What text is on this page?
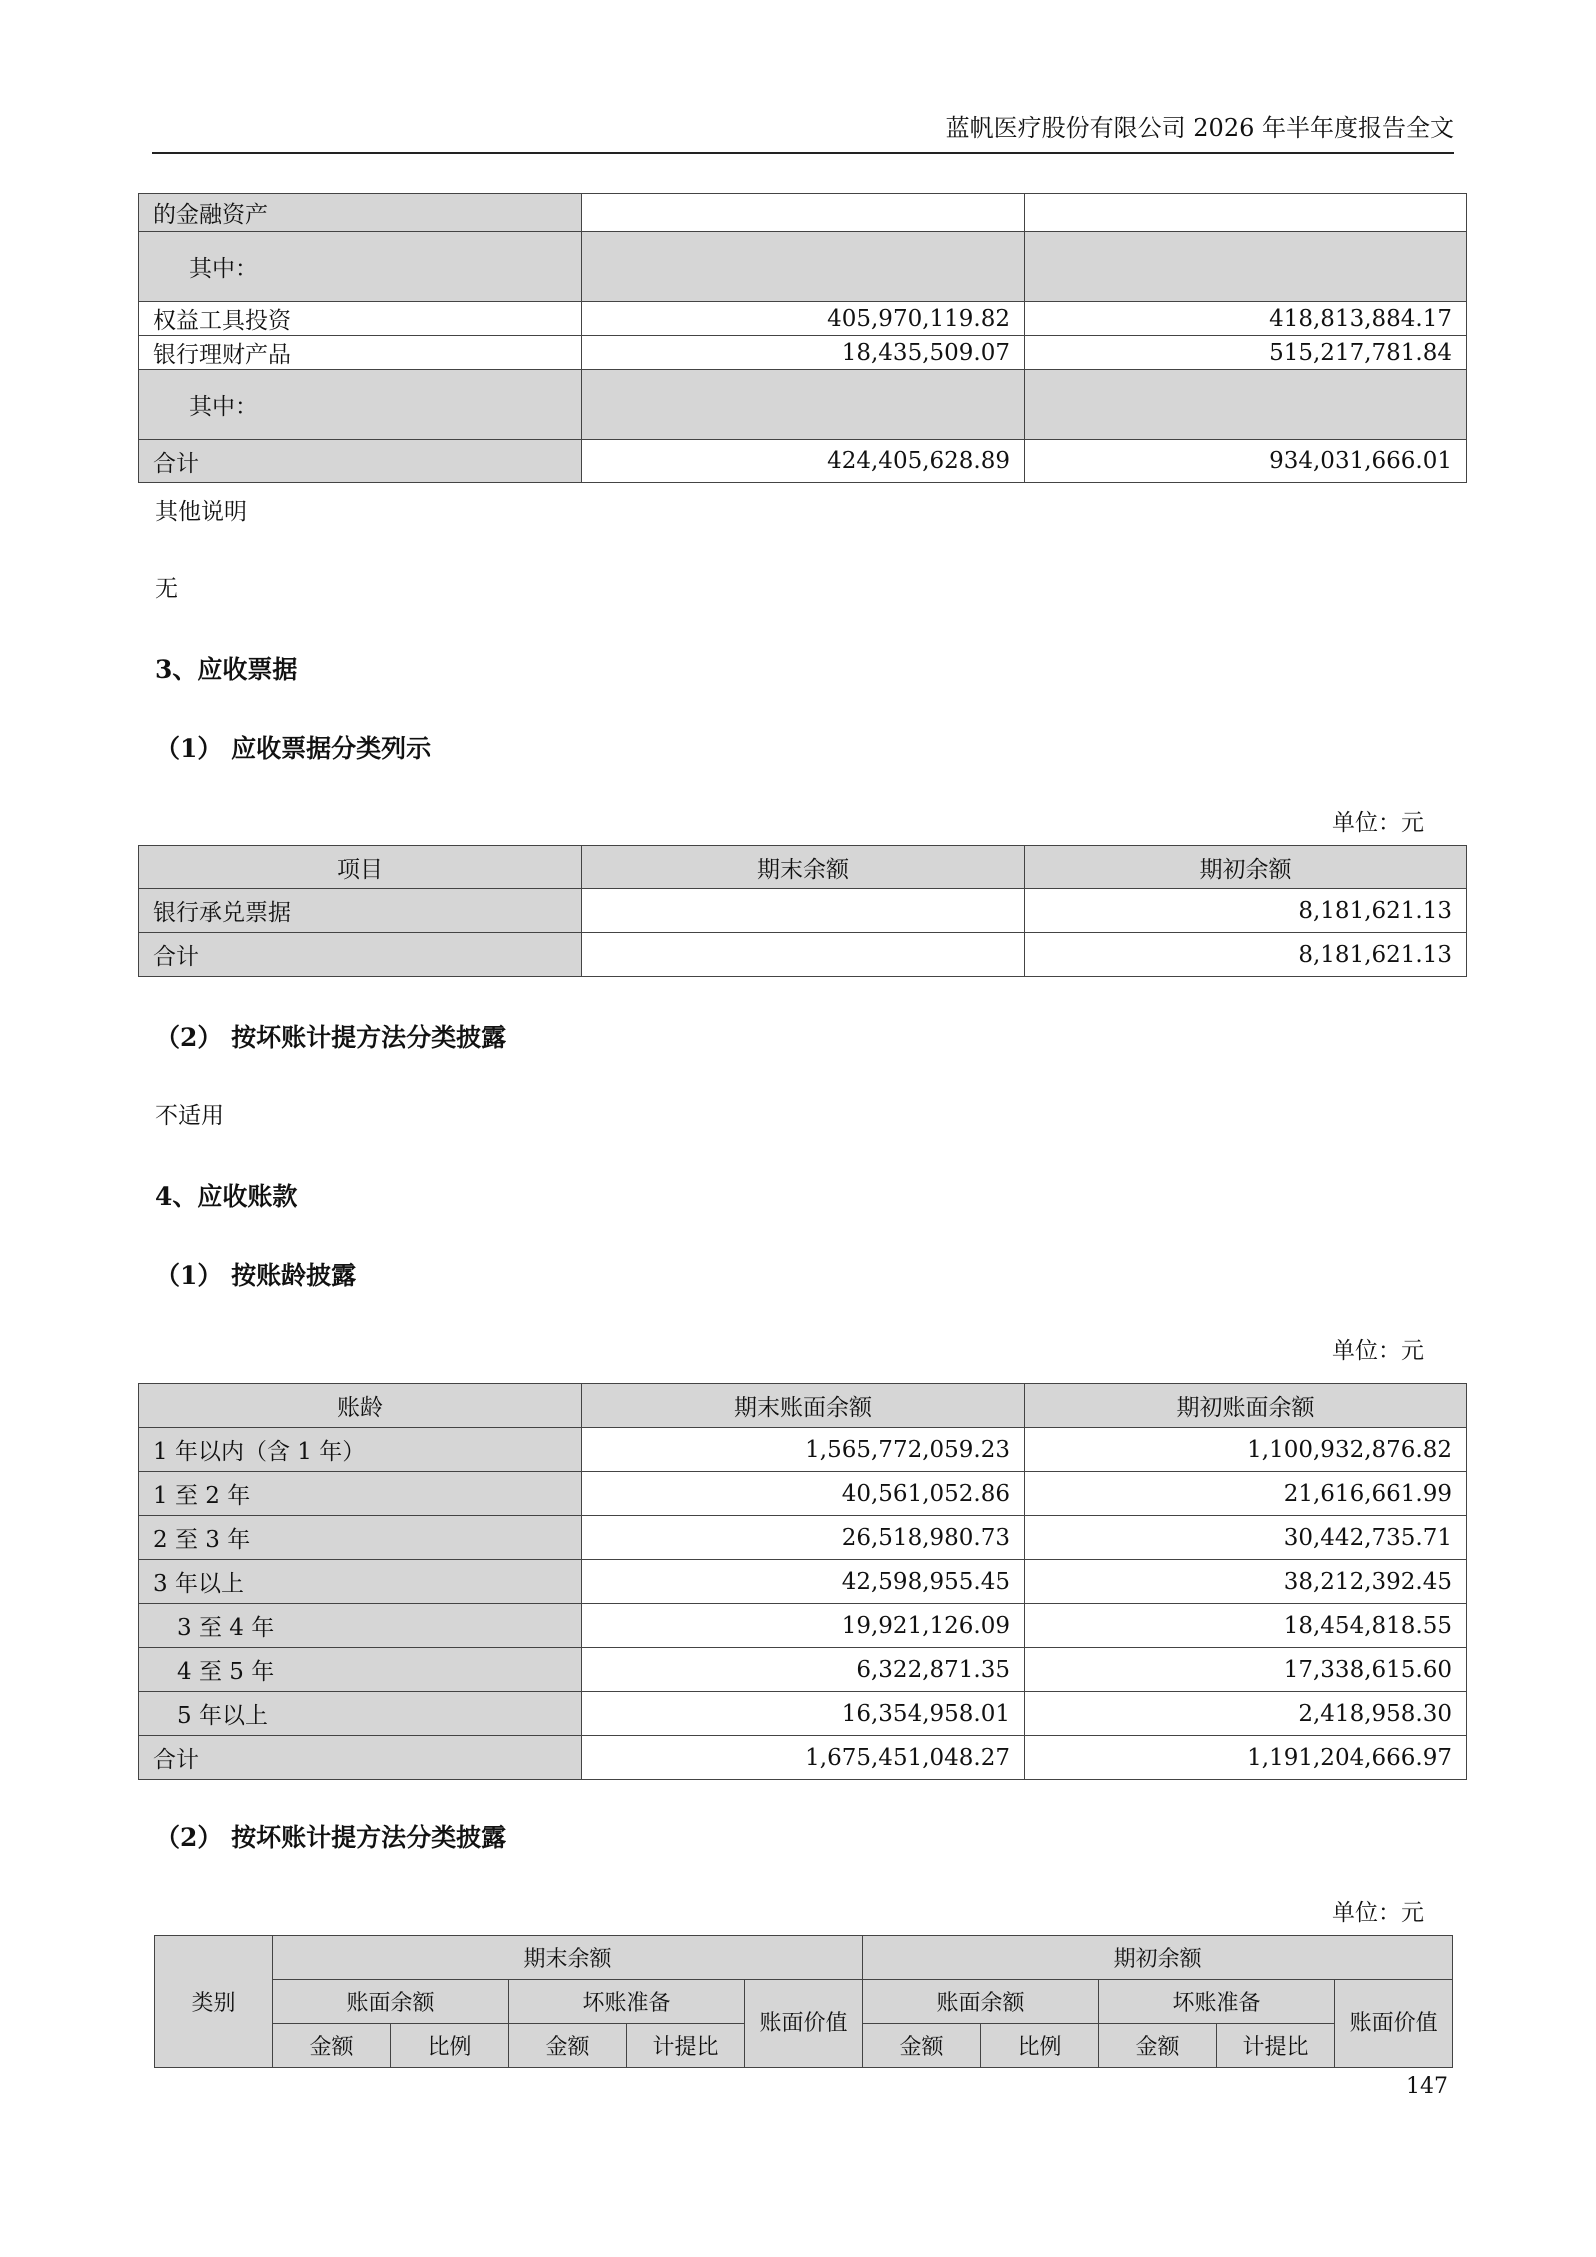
蓝帆医疗股份有限公司 2026 年半年度报告全文
的金融资产		
其中：		
权益工具投资	405,970,119.82	418,813,884.17
银行理财产品	18,435,509.07	515,217,781.84
其中：		
合计	424,405,628.89	934,031,666.01
其他说明
无
3、应收票据
（1） 应收票据分类列示
单位：元
项目	期末余额	期初余额
银行承兑票据		8,181,621.13
合计		8,181,621.13
（2） 按坏账计提方法分类披露
不适用
4、应收账款
（1） 按账龄披露
单位：元
账龄	期末账面余额	期初账面余额
1 年以内（含 1 年）	1,565,772,059.23	1,100,932,876.82
1 至 2 年	40,561,052.86	21,616,661.99
2 至 3 年	26,518,980.73	30,442,735.71
3 年以上	42,598,955.45	38,212,392.45
3 至 4 年	19,921,126.09	18,454,818.55
4 至 5 年	6,322,871.35	17,338,615.60
5 年以上	16,354,958.01	2,418,958.30
合计	1,675,451,048.27	1,191,204,666.97
（2） 按坏账计提方法分类披露
单位：元
类别	期末余额					期初余额				
	账面余额		坏账准备		账面价值	账面余额		坏账准备		账面价值
	金额	比例	金额	计提比		金额	比例	金额	计提比	
147
